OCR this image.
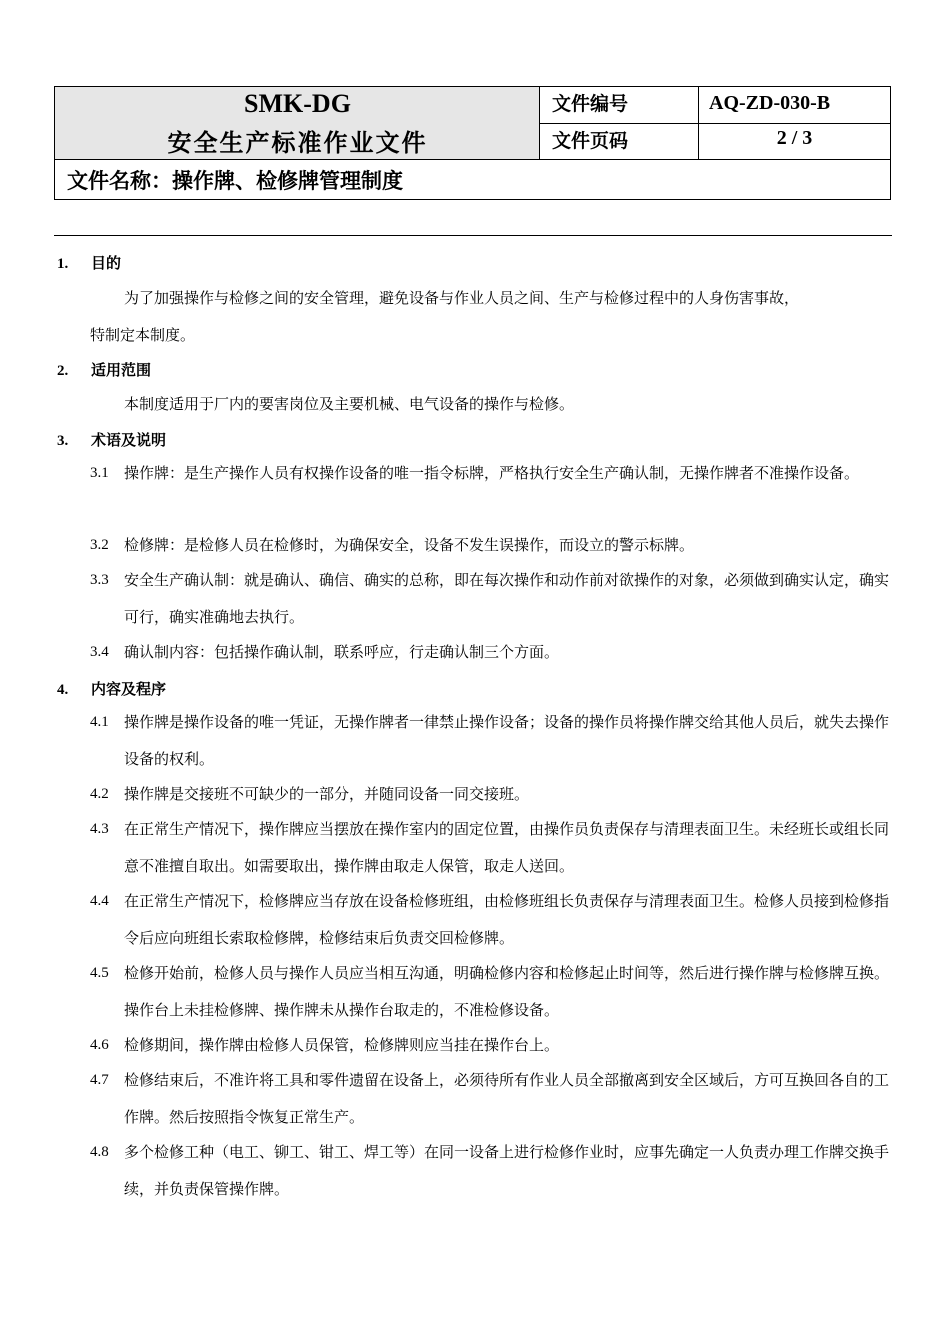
SMK-DG
安全生产标准作业文件
文件编号	AQ-ZD-030-B
文件页码	2 / 3
文件名称：操作牌、检修牌管理制度
1. 目的
为了加强操作与检修之间的安全管理，避免设备与作业人员之间、生产与检修过程中的人身伤害事故，
特制定本制度。
2. 适用范围
本制度适用于厂内的要害岗位及主要机械、电气设备的操作与检修。
3. 术语及说明
3.1 操作牌：是生产操作人员有权操作设备的唯一指令标牌，严格执行安全生产确认制，无操作牌者不准操作设备。
3.2 检修牌：是检修人员在检修时，为确保安全，设备不发生误操作，而设立的警示标牌。
3.3 安全生产确认制：就是确认、确信、确实的总称，即在每次操作和动作前对欲操作的对象，必须做到确实认定，确实可行，确实准确地去执行。
3.4 确认制内容：包括操作确认制，联系呼应，行走确认制三个方面。
4. 内容及程序
4.1 操作牌是操作设备的唯一凭证，无操作牌者一律禁止操作设备；设备的操作员将操作牌交给其他人员后，就失去操作设备的权利。
4.2 操作牌是交接班不可缺少的一部分，并随同设备一同交接班。
4.3 在正常生产情况下，操作牌应当摆放在操作室内的固定位置，由操作员负责保存与清理表面卫生。未经班长或组长同意不准擅自取出。如需要取出，操作牌由取走人保管，取走人送回。
4.4 在正常生产情况下，检修牌应当存放在设备检修班组，由检修班组长负责保存与清理表面卫生。检修人员接到检修指令后应向班组长索取检修牌，检修结束后负责交回检修牌。
4.5 检修开始前，检修人员与操作人员应当相互沟通，明确检修内容和检修起止时间等，然后进行操作牌与检修牌互换。操作台上未挂检修牌、操作牌未从操作台取走的，不准检修设备。
4.6 检修期间，操作牌由检修人员保管，检修牌则应当挂在操作台上。
4.7 检修结束后，不准许将工具和零件遗留在设备上，必须待所有作业人员全部撤离到安全区域后，方可互换回各自的工作牌。然后按照指令恢复正常生产。
4.8 多个检修工种（电工、铆工、钳工、焊工等）在同一设备上进行检修作业时，应事先确定一人负责办理工作牌交换手续，并负责保管操作牌。
